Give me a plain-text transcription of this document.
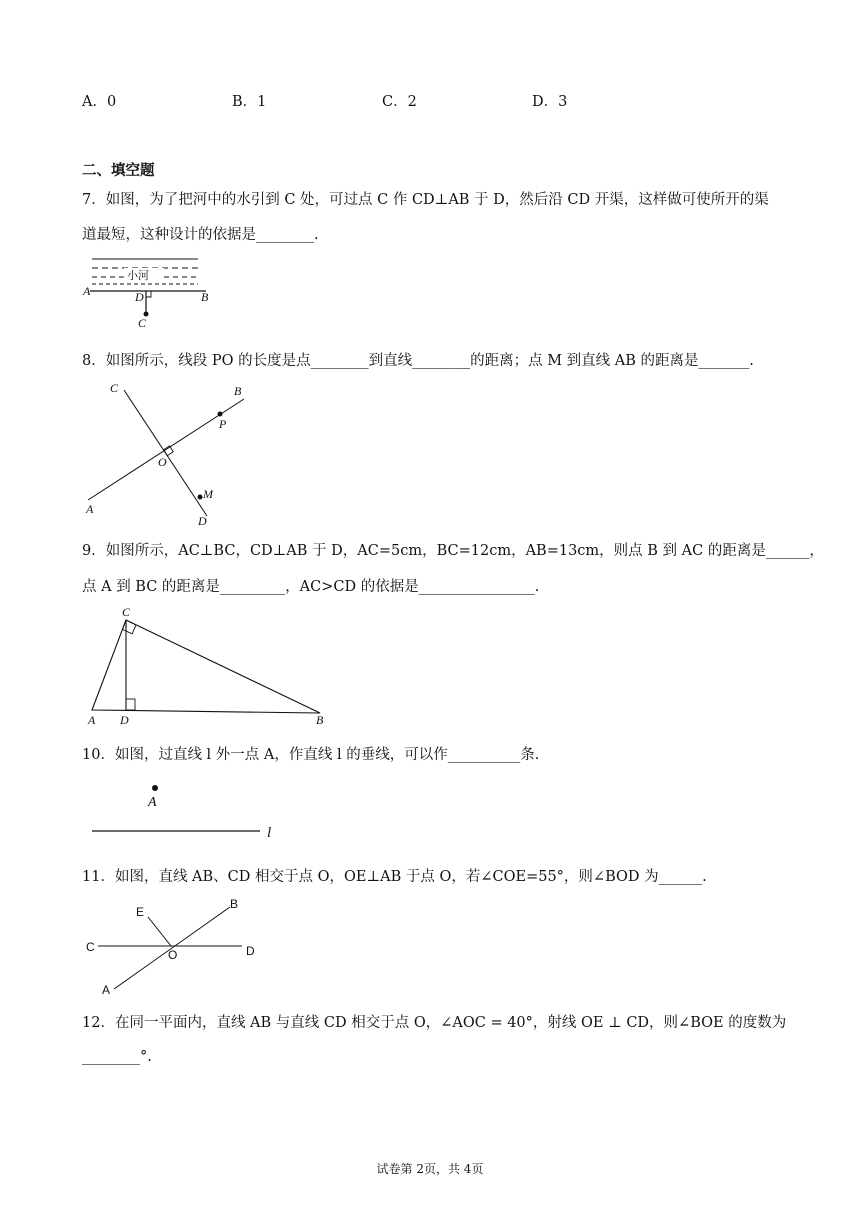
A．0	B．1	C．2	D．3
二、填空题
7．如图，为了把河中的水引到 C 处，可过点 C 作 CD⊥AB 于 D，然后沿 CD 开渠，这样做可使所开的渠
道最短，这种设计的依据是________.
小河
A	B
D
C
8．如图所示，线段 PO 的长度是点________到直线________的距离；点 M 到直线 AB 的距离是_______.
A
B
C
D
O
P
M
9．如图所示，AC⊥BC，CD⊥AB 于 D，AC=5cm，BC=12cm，AB=13cm，则点 B 到 AC 的距离是______，
点 A 到 BC 的距离是_________，AC>CD 的依据是________________.
A D	B
C
10．如图，过直线 l 外一点 A，作直线 l 的垂线，可以作__________条.
A
l
11．如图，直线 AB、CD 相交于点 O，OE⊥AB 于点 O，若∠COE=55°，则∠BOD 为______.
A
B
C	D
E
O
12．在同一平面内，直线 AB 与直线 CD 相交于点 O，∠AOC = 40°，射线 OE ⊥ CD，则∠BOE 的度数为
________°.
试卷第 2页，共 4页
